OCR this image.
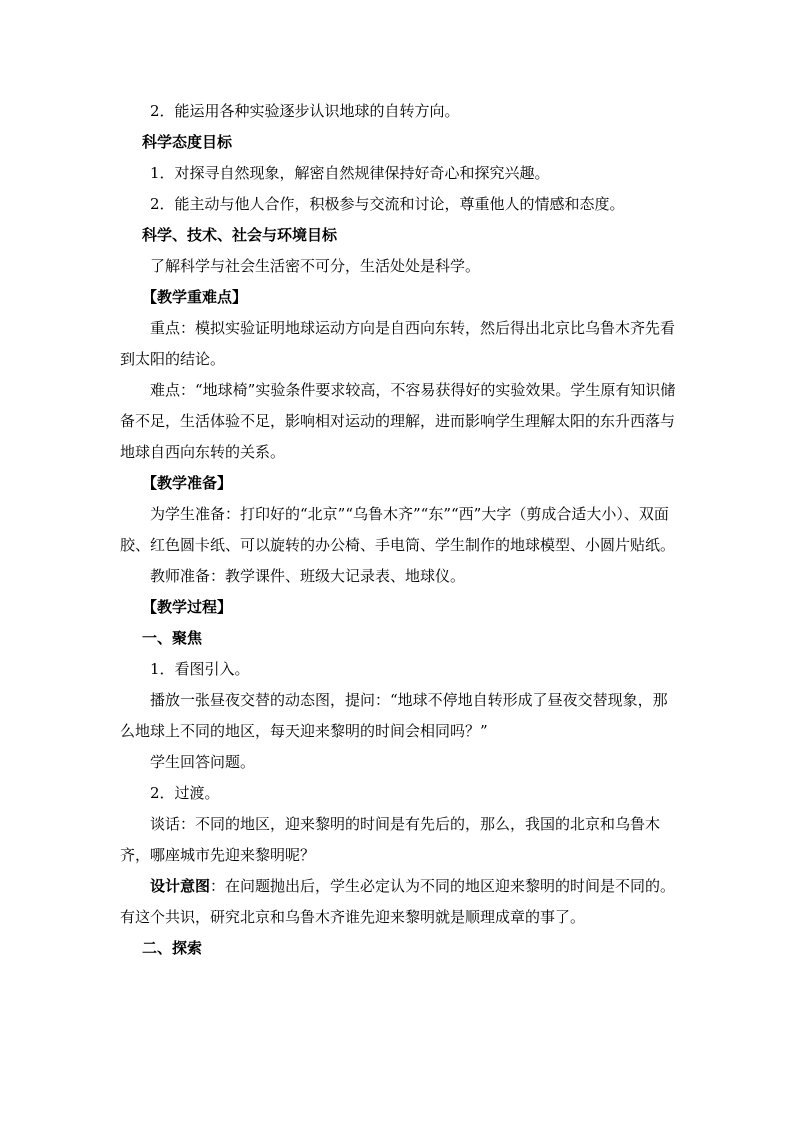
2．能运用各种实验逐步认识地球的自转方向。

科学态度目标

1．对探寻自然现象，解密自然规律保持好奇心和探究兴趣。

2．能主动与他人合作，积极参与交流和讨论，尊重他人的情感和态度。

科学、技术、社会与环境目标

了解科学与社会生活密不可分，生活处处是科学。

【教学重难点】

重点：模拟实验证明地球运动方向是自西向东转，然后得出北京比乌鲁木齐先看到太阳的结论。

难点：“地球椅”实验条件要求较高，不容易获得好的实验效果。学生原有知识储备不足，生活体验不足，影响相对运动的理解，进而影响学生理解太阳的东升西落与地球自西向东转的关系。

【教学准备】

为学生准备：打印好的“北京”“乌鲁木齐”“东”“西”大字（剪成合适大小）、双面胶、红色圆卡纸、可以旋转的办公椅、手电筒、学生制作的地球模型、小圆片贴纸。

教师准备：教学课件、班级大记录表、地球仪。

【教学过程】

一、聚焦

1．看图引入。

播放一张昼夜交替的动态图，提问：“地球不停地自转形成了昼夜交替现象，那么地球上不同的地区，每天迎来黎明的时间会相同吗？”

学生回答问题。

2．过渡。

谈话：不同的地区，迎来黎明的时间是有先后的，那么，我国的北京和乌鲁木齐，哪座城市先迎来黎明呢？

设计意图：在问题抛出后，学生必定认为不同的地区迎来黎明的时间是不同的。有这个共识，研究北京和乌鲁木齐谁先迎来黎明就是顺理成章的事了。

二、探索
